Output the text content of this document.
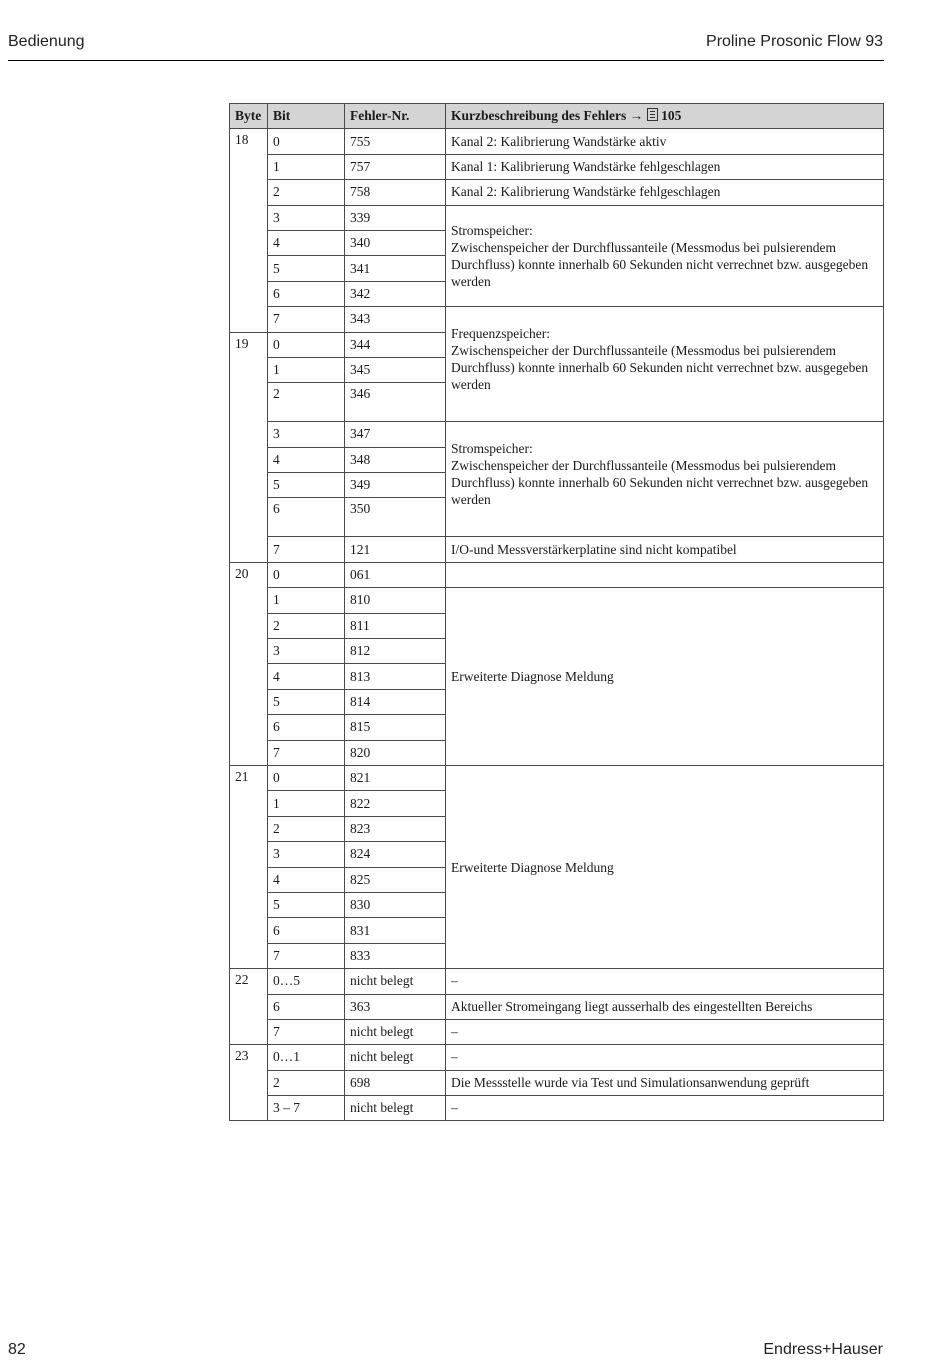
Bedienung	Proline Prosonic Flow 93
Byte	Bit	Fehler-Nr.	Kurzbeschreibung des Fehlers → 105
18	0	755	Kanal 2: Kalibrierung Wandstärke aktiv
	1	757	Kanal 1: Kalibrierung Wandstärke fehlgeschlagen
	2	758	Kanal 2: Kalibrierung Wandstärke fehlgeschlagen
	3	339	Stromspeicher:
Zwischenspeicher der Durchflussanteile (Messmodus bei pulsierendem Durchfluss) konnte innerhalb 60 Sekunden nicht verrechnet bzw. ausgegeben werden

	4	340	
	5	341	
	6	342	
	7	343	Frequenzspeicher:
Zwischenspeicher der Durchflussanteile (Messmodus bei pulsierendem Durchfluss) konnte innerhalb 60 Sekunden nicht verrechnet bzw. ausgegeben werden

19	0	344	
	1	345	
	2	346	
	3	347	Stromspeicher:
Zwischenspeicher der Durchflussanteile (Messmodus bei pulsierendem Durchfluss) konnte innerhalb 60 Sekunden nicht verrechnet bzw. ausgegeben werden

	4	348	
	5	349	
	6	350	
	7	121	I/O-und Messverstärkerplatine sind nicht kompatibel
20	0	061	
	1	810	Erweiterte Diagnose Meldung
	2	811	
	3	812	
	4	813	
	5	814	
	6	815	
	7	820	
21	0	821	Erweiterte Diagnose Meldung
	1	822	
	2	823	
	3	824	
	4	825	
	5	830	
	6	831	
	7	833	
22	0…5	nicht belegt	–
	6	363	Aktueller Stromeingang liegt ausserhalb des eingestellten Bereichs
	7	nicht belegt	–
23	0…1	nicht belegt	–
	2	698	Die Messstelle wurde via Test und Simulationsanwendung geprüft
	3 – 7	nicht belegt	–
82	Endress+Hauser
